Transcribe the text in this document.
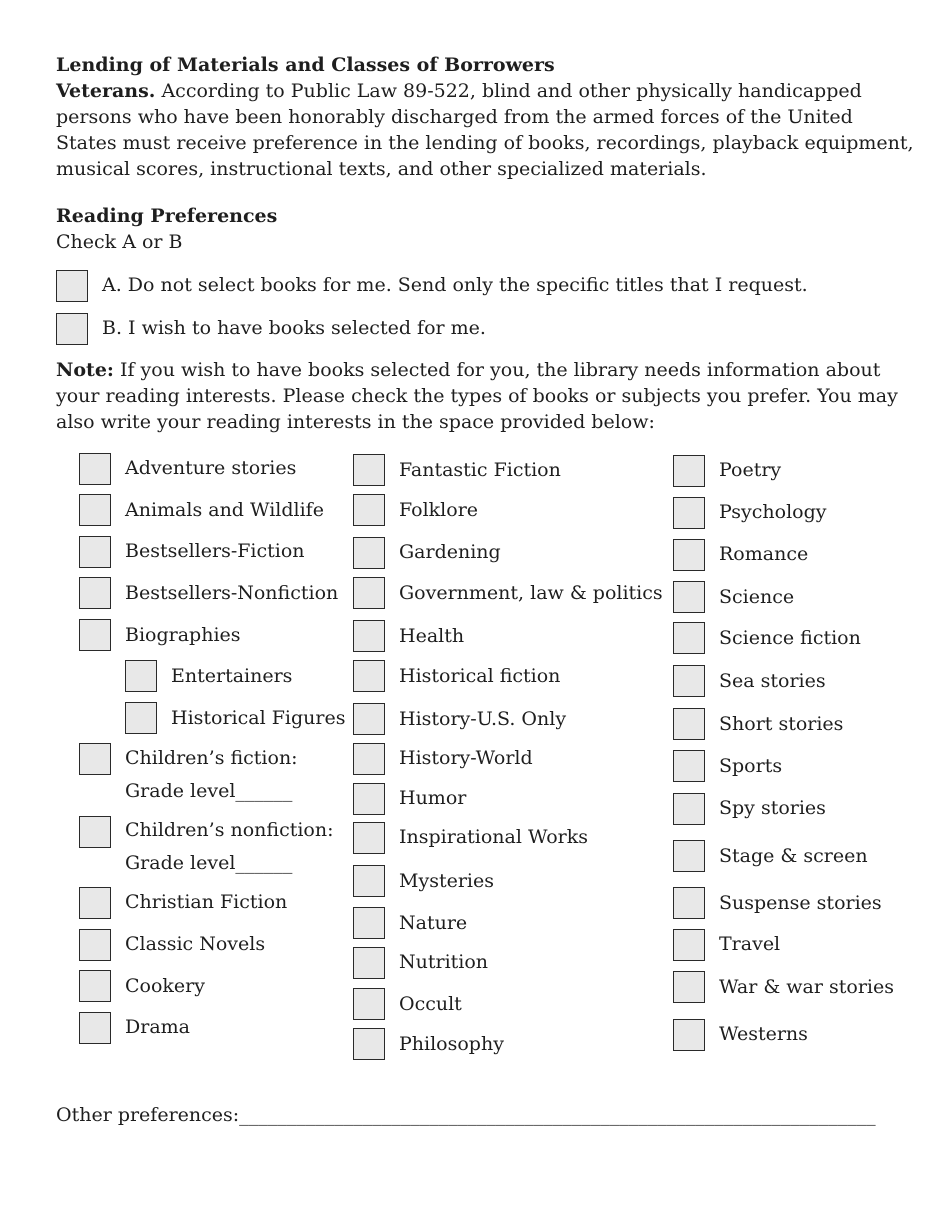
Lending of Materials and Classes of Borrowers
Veterans. According to Public Law 89-522, blind and other physically handicapped persons who have been honorably discharged from the armed forces of the United States must receive preference in the lending of books, recordings, playback equipment, musical scores, instructional texts, and other specialized materials.
Reading Preferences
Check A or B
A. Do not select books for me. Send only the specific titles that I request.
B. I wish to have books selected for me.
Note: If you wish to have books selected for you, the library needs information about your reading interests. Please check the types of books or subjects you prefer. You may also write your reading interests in the space provided below:
Adventure stories
Animals and Wildlife
Bestsellers-Fiction
Bestsellers-Nonfiction
Biographies
Entertainers
Historical Figures
Children’s fiction:
Grade level______
Children’s nonfiction:
Grade level______
Christian Fiction
Classic Novels
Cookery
Drama
Fantastic Fiction
Folklore
Gardening
Government, law & politics
Health
Historical fiction
History-U.S. Only
History-World
Humor
Inspirational Works
Mysteries
Nature
Nutrition
Occult
Philosophy
Poetry
Psychology
Romance
Science
Science fiction
Sea stories
Short stories
Sports
Spy stories
Stage & screen
Suspense stories
Travel
War & war stories
Westerns
Other preferences:___________________________________________________________________
